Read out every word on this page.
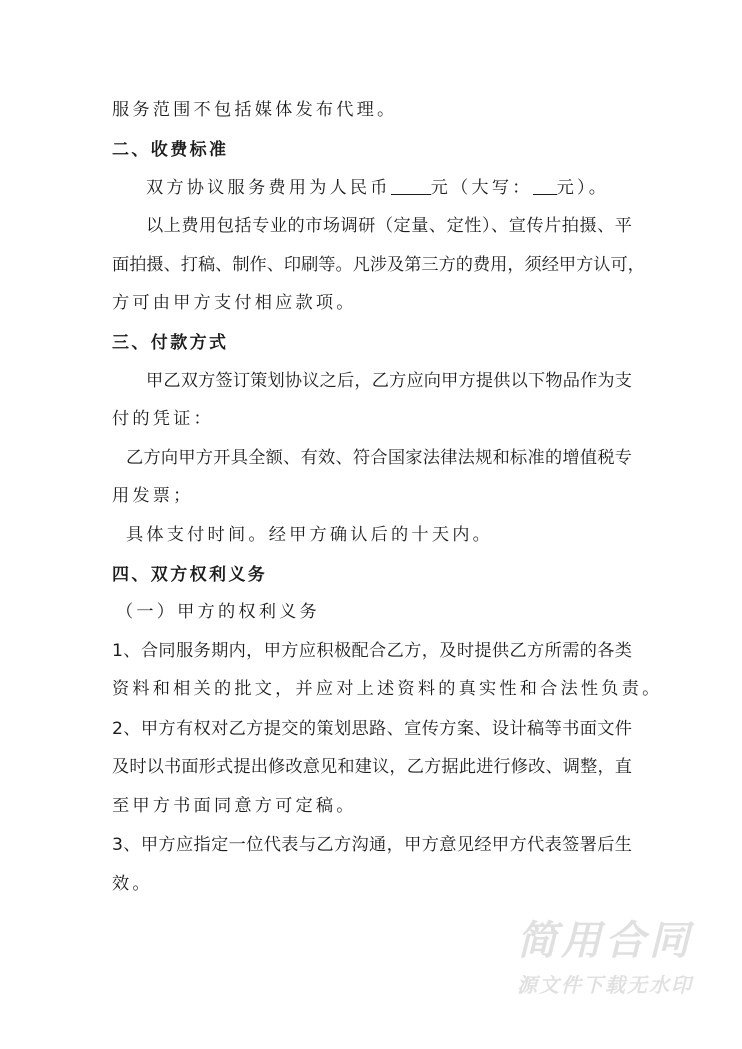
服务范围不包括媒体发布代理。
二、收费标准
双方协议服务费用为人民币 元（大写： 元）。
以上费用包括专业的市场调研（定量、定性）、宣传片拍摄、平
面拍摄、打稿、制作、印刷等。凡涉及第三方的费用，须经甲方认可，
方可由甲方支付相应款项。
三、付款方式
甲乙双方签订策划协议之后，乙方应向甲方提供以下物品作为支
付的凭证：
乙方向甲方开具全额、有效、符合国家法律法规和标准的增值税专
用发票；
具体支付时间。经甲方确认后的十天内。
四、双方权利义务
（一）甲方的权利义务
1、合同服务期内，甲方应积极配合乙方，及时提供乙方所需的各类
资料和相关的批文，并应对上述资料的真实性和合法性负责。
2、甲方有权对乙方提交的策划思路、宣传方案、设计稿等书面文件
及时以书面形式提出修改意见和建议，乙方据此进行修改、调整，直
至甲方书面同意方可定稿。
3、甲方应指定一位代表与乙方沟通，甲方意见经甲方代表签署后生
效。
简用合同
源文件下载无水印
